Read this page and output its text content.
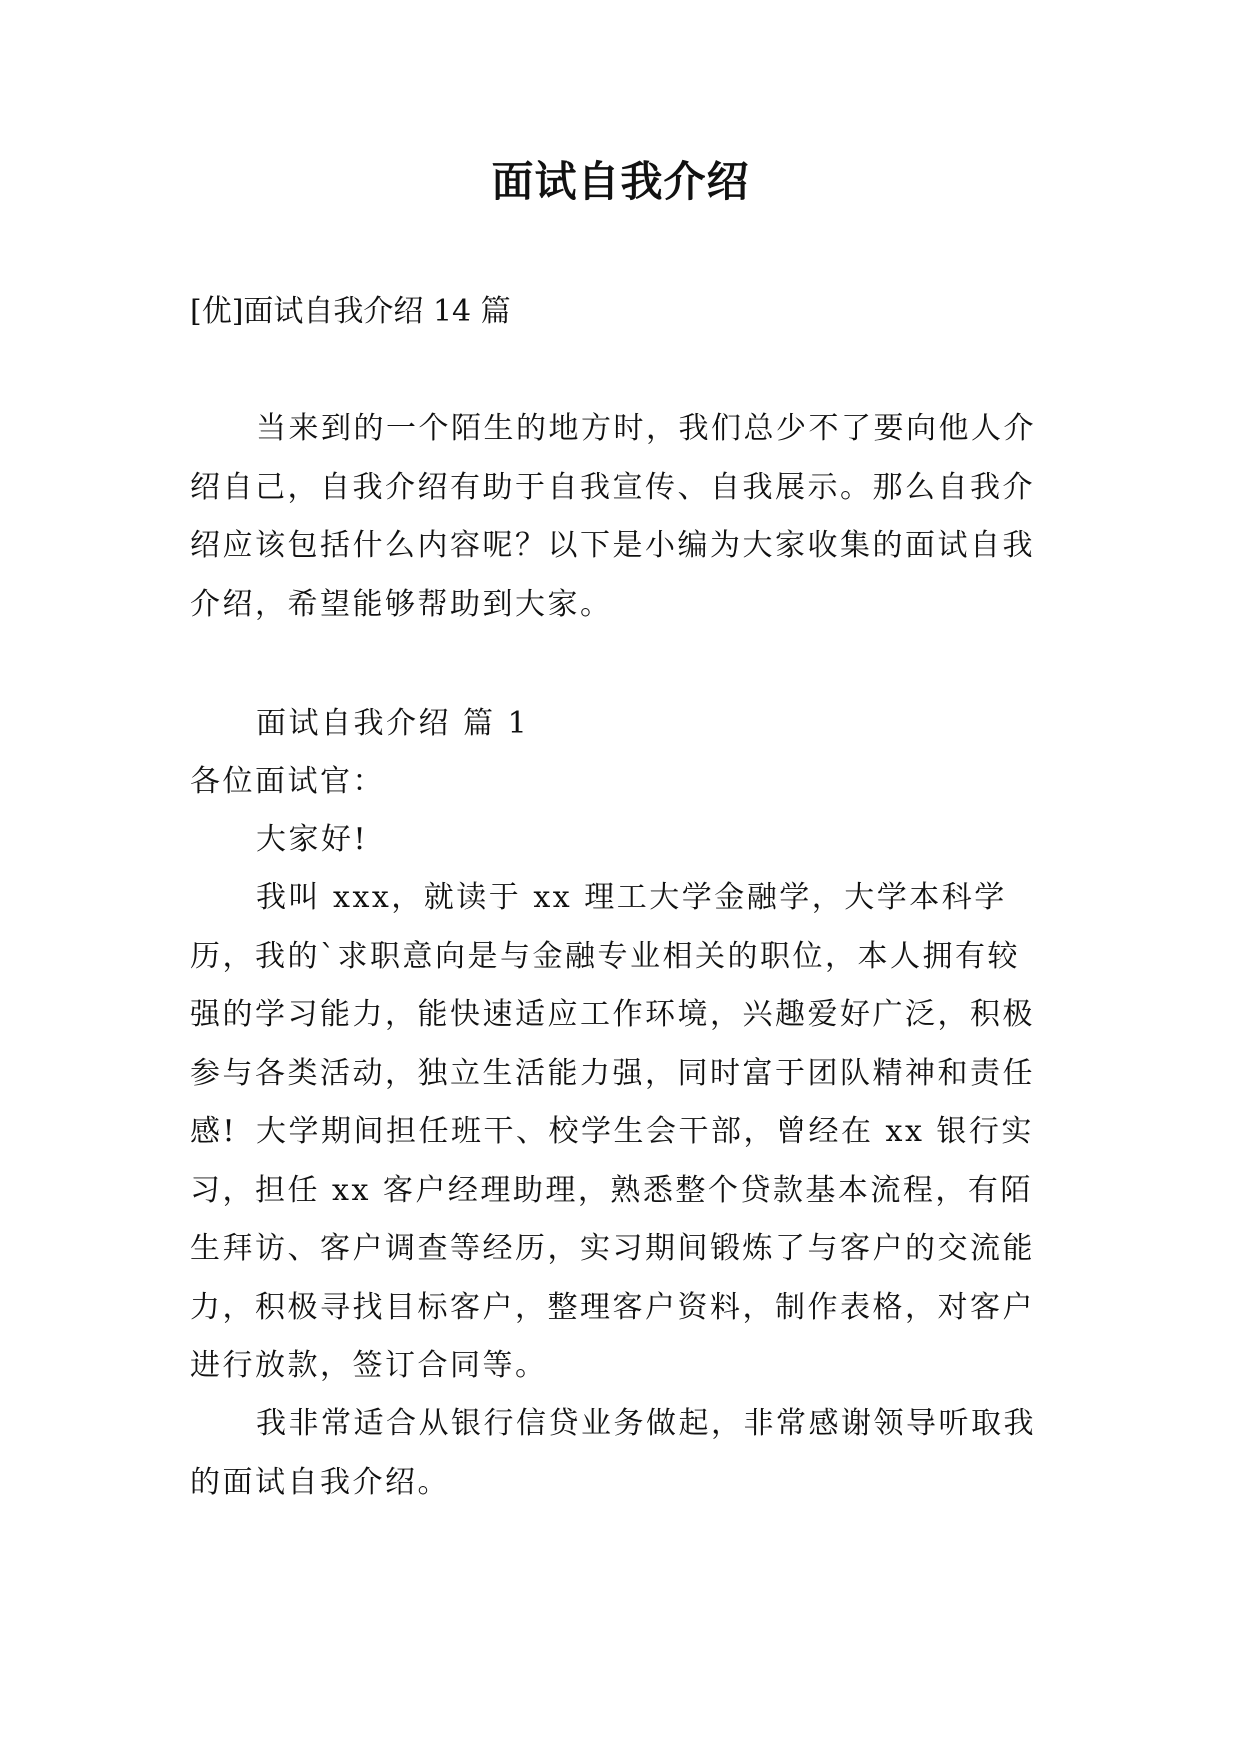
面试自我介绍

[优]面试自我介绍 14 篇

当来到的一个陌生的地方时，我们总少不了要向他人介绍自己，自我介绍有助于自我宣传、自我展示。那么自我介绍应该包括什么内容呢？以下是小编为大家收集的面试自我介绍，希望能够帮助到大家。

面试自我介绍 篇 1

各位面试官：

大家好!

我叫 xxx，就读于 xx 理工大学金融学，大学本科学历，我的`求职意向是与金融专业相关的职位，本人拥有较强的学习能力，能快速适应工作环境，兴趣爱好广泛，积极参与各类活动，独立生活能力强，同时富于团队精神和责任感! 大学期间担任班干、校学生会干部，曾经在 xx 银行实习，担任 xx 客户经理助理，熟悉整个贷款基本流程，有陌生拜访、客户调查等经历，实习期间锻炼了与客户的交流能力，积极寻找目标客户，整理客户资料，制作表格，对客户进行放款，签订合同等。

我非常适合从银行信贷业务做起，非常感谢领导听取我的面试自我介绍。
